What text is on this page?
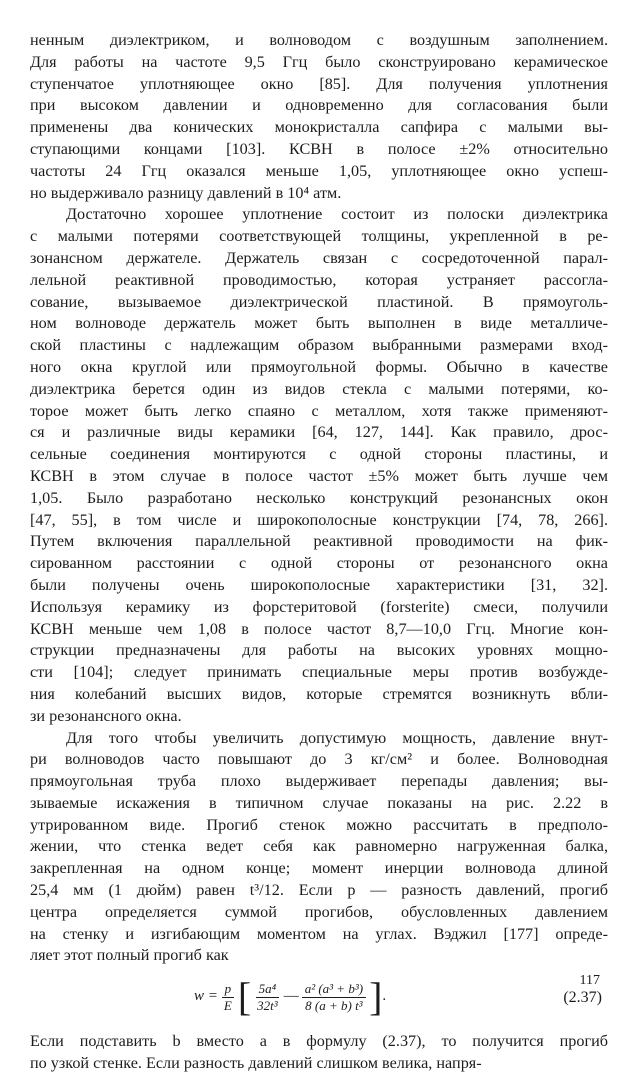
ненным диэлектриком, и волноводом с воздушным заполнением.

Для работы на частоте 9,5 Ггц было сконструировано керамическое

ступенчатое уплотняющее окно [85]. Для получения уплотнения

при высоком давлении и одновременно для согласования были

применены два конических монокристалла сапфира с малыми вы-

ступающими концами [103]. КСВН в полосе ±2% относительно

частоты 24 Ггц оказался меньше 1,05, уплотняющее окно успеш-

но выдерживало разницу давлений в 10⁴ атм.

Достаточно хорошее уплотнение состоит из полоски диэлектрика

с малыми потерями соответствующей толщины, укрепленной в ре-

зонансном держателе. Держатель связан с сосредоточенной парал-

лельной реактивной проводимостью, которая устраняет рассогла-

сование, вызываемое диэлектрической пластиной. В прямоуголь-

ном волноводе держатель может быть выполнен в виде металличе-

ской пластины с надлежащим образом выбранными размерами вход-

ного окна круглой или прямоугольной формы. Обычно в качестве

диэлектрика берется один из видов стекла с малыми потерями, ко-

торое может быть легко спаяно с металлом, хотя также применяют-

ся и различные виды керамики [64, 127, 144]. Как правило, дрос-

сельные соединения монтируются с одной стороны пластины, и

КСВН в этом случае в полосе частот ±5% может быть лучше чем

1,05. Было разработано несколько конструкций резонансных окон

[47, 55], в том числе и широкополосные конструкции [74, 78, 266].

Путем включения параллельной реактивной проводимости на фик-

сированном расстоянии с одной стороны от резонансного окна

были получены очень широкополосные характеристики [31, 32].

Используя керамику из форстеритовой (forsterite) смеси, получили

КСВН меньше чем 1,08 в полосе частот 8,7—10,0 Ггц. Многие кон-

струкции предназначены для работы на высоких уровнях мощно-

сти [104]; следует принимать специальные меры против возбужде-

ния колебаний высших видов, которые стремятся возникнуть вбли-

зи резонансного окна.

Для того чтобы увеличить допустимую мощность, давление внут-

ри волноводов часто повышают до 3 кг/см² и более. Волноводная

прямоугольная труба плохо выдерживает перепады давления; вы-

зываемые искажения в типичном случае показаны на рис. 2.22 в

утрированном виде. Прогиб стенок можно рассчитать в предполо-

жении, что стенка ведет себя как равномерно нагруженная балка,

закрепленная на одном конце; момент инерции волновода длиной

25,4 мм (1 дюйм) равен t³/12. Если p — разность давлений, прогиб

центра определяется суммой прогибов, обусловленных давлением

на стенку и изгибающим моментом на углах. Вэджил [177] опреде-

ляет этот полный прогиб как

$w = \frac{p}{E}$ [ $\frac{\text{5a⁴}}{\text{32t³}}$ — $\frac{\text{a² (a³ + b³)}}{\text{8 (a + b) t³}}$ ] .	(2.37)

Если подставить b вместо a в формулу (2.37), то получится прогиб

по узкой стенке. Если разность давлений слишком велика, напря-

117
